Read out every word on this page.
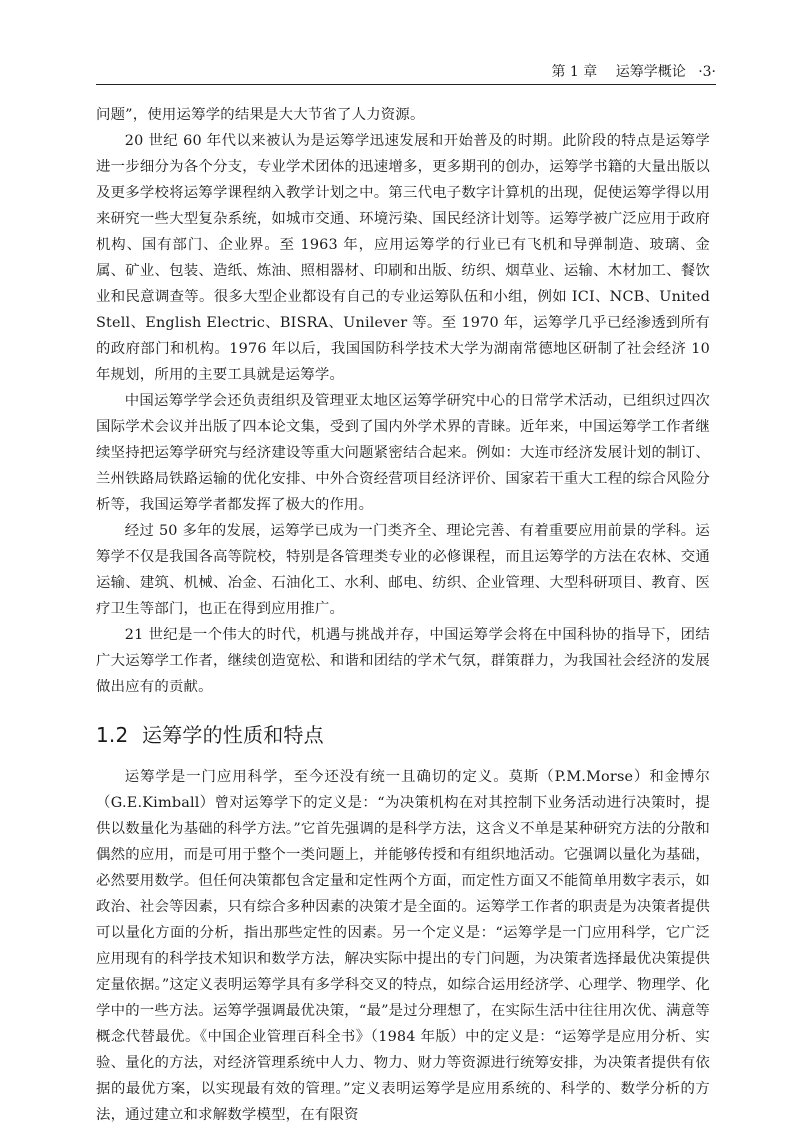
第 1 章 运筹学概论 ·3·

问题”，使用运筹学的结果是大大节省了人力资源。

20 世纪 60 年代以来被认为是运筹学迅速发展和开始普及的时期。此阶段的特点是运筹学进一步细分为各个分支，专业学术团体的迅速增多，更多期刊的创办，运筹学书籍的大量出版以及更多学校将运筹学课程纳入教学计划之中。第三代电子数字计算机的出现，促使运筹学得以用来研究一些大型复杂系统，如城市交通、环境污染、国民经济计划等。运筹学被广泛应用于政府机构、国有部门、企业界。至 1963 年，应用运筹学的行业已有飞机和导弹制造、玻璃、金属、矿业、包装、造纸、炼油、照相器材、印刷和出版、纺织、烟草业、运输、木材加工、餐饮业和民意调查等。很多大型企业都设有自己的专业运筹队伍和小组，例如 ICI、NCB、United Stell、English Electric、BISRA、Unilever 等。至 1970 年，运筹学几乎已经渗透到所有的政府部门和机构。1976 年以后，我国国防科学技术大学为湖南常德地区研制了社会经济 10 年规划，所用的主要工具就是运筹学。

中国运筹学学会还负责组织及管理亚太地区运筹学研究中心的日常学术活动，已组织过四次国际学术会议并出版了四本论文集，受到了国内外学术界的青睐。近年来，中国运筹学工作者继续坚持把运筹学研究与经济建设等重大问题紧密结合起来。例如：大连市经济发展计划的制订、兰州铁路局铁路运输的优化安排、中外合资经营项目经济评价、国家若干重大工程的综合风险分析等，我国运筹学者都发挥了极大的作用。

经过 50 多年的发展，运筹学已成为一门类齐全、理论完善、有着重要应用前景的学科。运筹学不仅是我国各高等院校，特别是各管理类专业的必修课程，而且运筹学的方法在农林、交通运输、建筑、机械、冶金、石油化工、水利、邮电、纺织、企业管理、大型科研项目、教育、医疗卫生等部门，也正在得到应用推广。

21 世纪是一个伟大的时代，机遇与挑战并存，中国运筹学会将在中国科协的指导下，团结广大运筹学工作者，继续创造宽松、和谐和团结的学术气氛，群策群力，为我国社会经济的发展做出应有的贡献。

1.2 运筹学的性质和特点

运筹学是一门应用科学，至今还没有统一且确切的定义。莫斯（P.M.Morse）和金博尔（G.E.Kimball）曾对运筹学下的定义是：“为决策机构在对其控制下业务活动进行决策时，提供以数量化为基础的科学方法。”它首先强调的是科学方法，这含义不单是某种研究方法的分散和偶然的应用，而是可用于整个一类问题上，并能够传授和有组织地活动。它强调以量化为基础，必然要用数学。但任何决策都包含定量和定性两个方面，而定性方面又不能简单用数字表示，如政治、社会等因素，只有综合多种因素的决策才是全面的。运筹学工作者的职责是为决策者提供可以量化方面的分析，指出那些定性的因素。另一个定义是：“运筹学是一门应用科学，它广泛应用现有的科学技术知识和数学方法，解决实际中提出的专门问题，为决策者选择最优决策提供定量依据。”这定义表明运筹学具有多学科交叉的特点，如综合运用经济学、心理学、物理学、化学中的一些方法。运筹学强调最优决策，“最”是过分理想了，在实际生活中往往用次优、满意等概念代替最优。《中国企业管理百科全书》（1984 年版）中的定义是：“运筹学是应用分析、实验、量化的方法，对经济管理系统中人力、物力、财力等资源进行统筹安排，为决策者提供有依据的最优方案，以实现最有效的管理。”定义表明运筹学是应用系统的、科学的、数学分析的方法，通过建立和求解数学模型，在有限资
